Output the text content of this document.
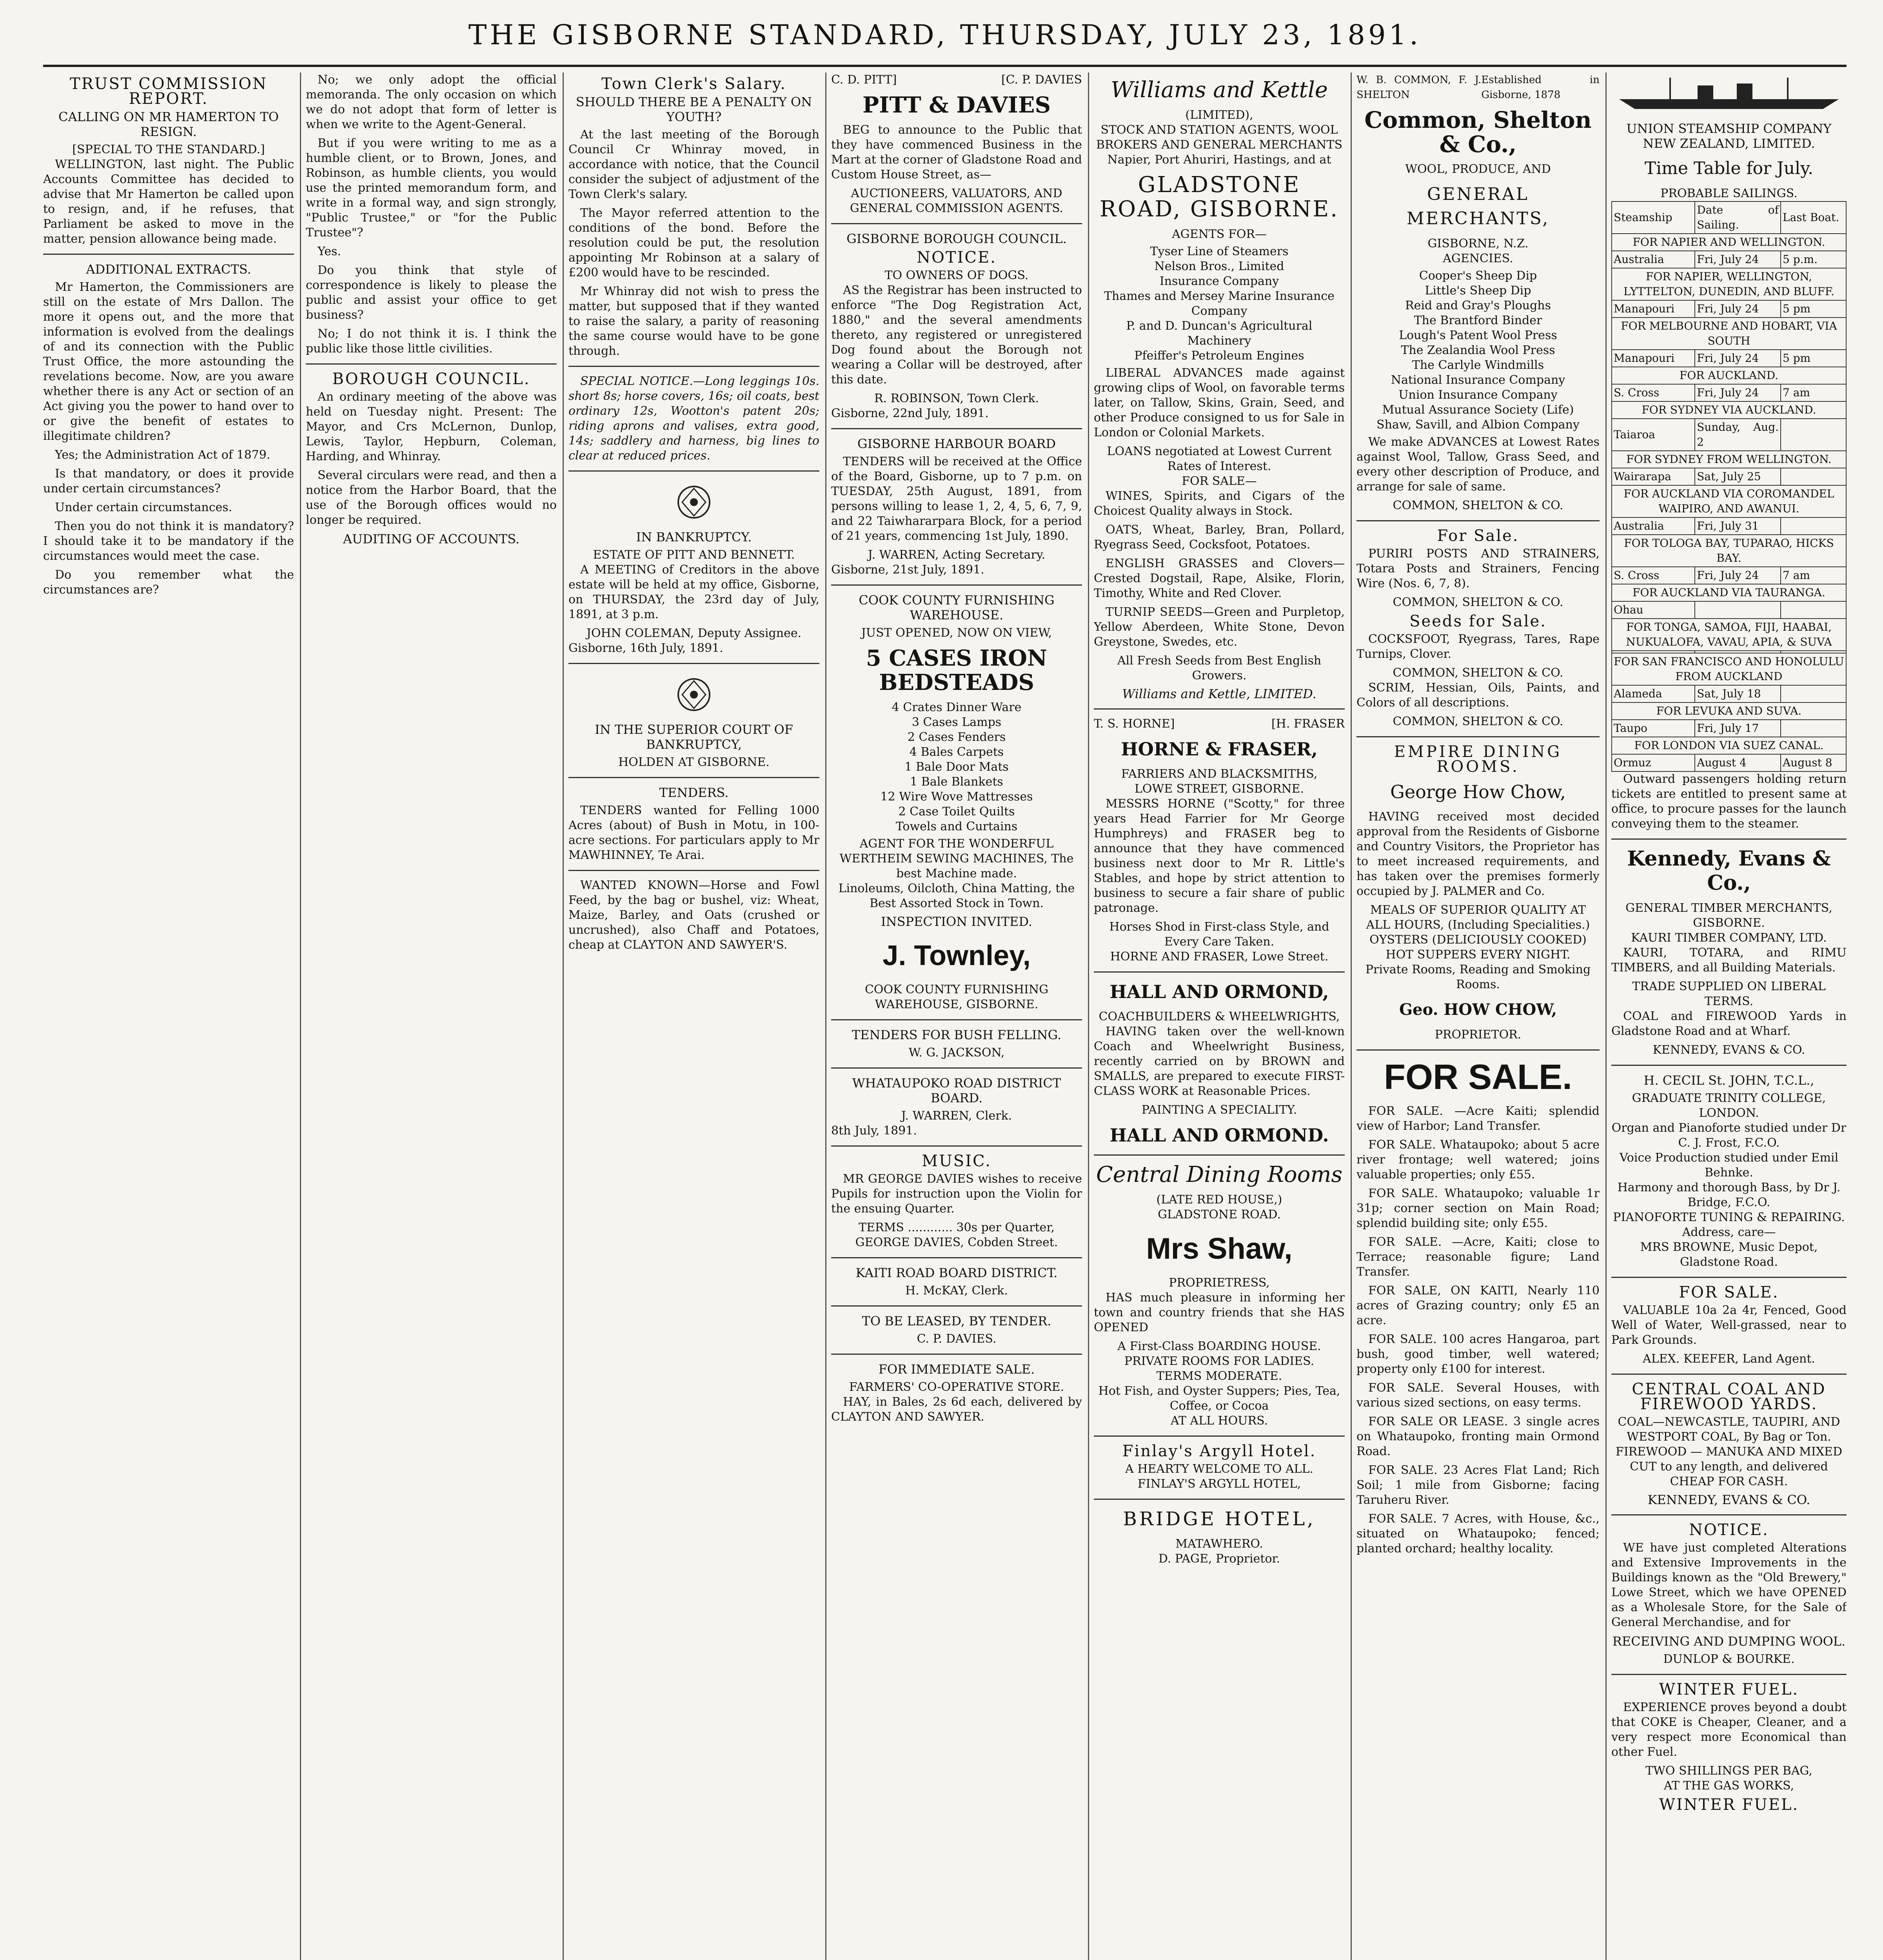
THE GISBORNE STANDARD, THURSDAY, JULY 23, 1891.
TRUST COMMISSION REPORT.
CALLING ON MR HAMERTON TO RESIGN.
[SPECIAL TO THE STANDARD.]

WELLINGTON, last night. The Public Accounts Committee has decided to advise that Mr Hamerton be called upon to resign, and, if he refuses, that Parliament be asked to move in the matter, pension allowance being made.

ADDITIONAL EXTRACTS.

Mr Hamerton, the Commissioners are still on the estate of Mrs Dallon. The more it opens out, and the more that information is evolved from the dealings of and its connection with the Public Trust Office, the more astounding the revelations become. Now, are you aware whether there is any Act or section of an Act giving you the power to hand over to or give the benefit of estates to illegitimate children?

Yes; the Administration Act of 1879.

Is that mandatory, or does it provide under certain circumstances?

Under certain circumstances.

Then you do not think it is mandatory? I should take it to be mandatory if the circumstances would meet the case.

Do you remember what the circumstances are?

No; we only adopt the official memoranda. The only occasion on which we do not adopt that form of letter is when we write to the Agent-General.

But if you were writing to me as a humble client, or to Brown, Jones, and Robinson, as humble clients, you would use the printed memorandum form, and write in a formal way, and sign strongly, "Public Trustee," or "for the Public Trustee"?

Yes.

Do you think that style of correspondence is likely to please the public and assist your office to get business?

No; I do not think it is. I think the public like those little civilities.

BOROUGH COUNCIL.

An ordinary meeting of the above was held on Tuesday night. Present: The Mayor, and Crs McLernon, Dunlop, Lewis, Taylor, Hepburn, Coleman, Harding, and Whinray.

Several circulars were read, and then a notice from the Harbor Board, that the use of the Borough offices would no longer be required.

AUDITING OF ACCOUNTS.
Town Clerk's Salary.
SHOULD THERE BE A PENALTY ON YOUTH?

At the last meeting of the Borough Council Cr Whinray moved, in accordance with notice, that the Council consider the subject of adjustment of the Town Clerk's salary.

The Mayor referred attention to the conditions of the bond. Before the resolution could be put, the resolution appointing Mr Robinson at a salary of £200 would have to be rescinded.

Mr Whinray did not wish to press the matter, but supposed that if they wanted to raise the salary, a parity of reasoning the same course would have to be gone through.

SPECIAL NOTICE.—Long leggings 10s. short 8s; horse covers, 16s; oil coats, best ordinary 12s, Wootton's patent 20s; riding aprons and valises, extra good, 14s; saddlery and harness, big lines to clear at reduced prices.

IN BANKRUPTCY.
ESTATE OF PITT AND BENNETT.

A MEETING of Creditors in the above estate will be held at my office, Gisborne, on THURSDAY, the 23rd day of July, 1891, at 3 p.m.

JOHN COLEMAN, Deputy Assignee.
Gisborne, 16th July, 1891.
IN THE SUPERIOR COURT OF BANKRUPTCY,
HOLDEN AT GISBORNE.
TENDERS.

TENDERS wanted for Felling 1000 Acres (about) of Bush in Motu, in 100-acre sections. For particulars apply to Mr MAWHINNEY, Te Arai.

WANTED KNOWN—Horse and Fowl Feed, by the bag or bushel, viz: Wheat, Maize, Barley, and Oats (crushed or uncrushed), also Chaff and Potatoes, cheap at CLAYTON AND SAWYER'S.

C. D. PITT]	[C. P. DAVIES
PITT & DAVIES

BEG to announce to the Public that they have commenced Business in the Mart at the corner of Gladstone Road and Custom House Street, as—

AUCTIONEERS, VALUATORS, AND GENERAL COMMISSION AGENTS.
GISBORNE BOROUGH COUNCIL.
NOTICE.
TO OWNERS OF DOGS.

AS the Registrar has been instructed to enforce "The Dog Registration Act, 1880," and the several amendments thereto, any registered or unregistered Dog found about the Borough not wearing a Collar will be destroyed, after this date.

R. ROBINSON, Town Clerk.
Gisborne, 22nd July, 1891.
GISBORNE HARBOUR BOARD

TENDERS will be received at the Office of the Board, Gisborne, up to 7 p.m. on TUESDAY, 25th August, 1891, from persons willing to lease 1, 2, 4, 5, 6, 7, 9, and 22 Taiwhararpara Block, for a period of 21 years, commencing 1st July, 1890.

J. WARREN, Acting Secretary.
Gisborne, 21st July, 1891.
COOK COUNTY FURNISHING WAREHOUSE.
JUST OPENED, NOW ON VIEW,
5 CASES IRON BEDSTEADS
4 Crates Dinner Ware
3 Cases Lamps
2 Cases Fenders
4 Bales Carpets
1 Bale Door Mats
1 Bale Blankets
12 Wire Wove Mattresses
2 Case Toilet Quilts
Towels and Curtains
AGENT FOR THE WONDERFUL WERTHEIM SEWING MACHINES, The best Machine made.
Linoleums, Oilcloth, China Matting, the Best Assorted Stock in Town.
INSPECTION INVITED.
J. Townley,
COOK COUNTY FURNISHING WAREHOUSE, GISBORNE.
TENDERS FOR BUSH FELLING.
W. G. JACKSON,
WHATAUPOKO ROAD DISTRICT BOARD.
J. WARREN, Clerk.
8th July, 1891.
MUSIC.

MR GEORGE DAVIES wishes to receive Pupils for instruction upon the Violin for the ensuing Quarter.

TERMS ............ 30s per Quarter,
GEORGE DAVIES, Cobden Street.
KAITI ROAD BOARD DISTRICT.
H. McKAY, Clerk.
TO BE LEASED, BY TENDER.
C. P. DAVIES.
FOR IMMEDIATE SALE.
FARMERS' CO-OPERATIVE STORE.

HAY, in Bales, 2s 6d each, delivered by CLAYTON AND SAWYER.

Williams and Kettle
(LIMITED),
STOCK AND STATION AGENTS, WOOL BROKERS AND GENERAL MERCHANTS
Napier, Port Ahuriri, Hastings, and at
GLADSTONE ROAD, GISBORNE.
AGENTS FOR—
Tyser Line of Steamers
Nelson Bros., Limited
Insurance Company
Thames and Mersey Marine Insurance Company
P. and D. Duncan's Agricultural Machinery
Pfeiffer's Petroleum Engines

LIBERAL ADVANCES made against growing clips of Wool, on favorable terms later, on Tallow, Skins, Grain, Seed, and other Produce consigned to us for Sale in London or Colonial Markets.

LOANS negotiated at Lowest Current Rates of Interest.
FOR SALE—

WINES, Spirits, and Cigars of the Choicest Quality always in Stock.

OATS, Wheat, Barley, Bran, Pollard, Ryegrass Seed, Cocksfoot, Potatoes.

ENGLISH GRASSES and Clovers—Crested Dogstail, Rape, Alsike, Florin, Timothy, White and Red Clover.

TURNIP SEEDS—Green and Purpletop, Yellow Aberdeen, White Stone, Devon Greystone, Swedes, etc.

All Fresh Seeds from Best English Growers.
Williams and Kettle, LIMITED.
T. S. HORNE]	[H. FRASER
HORNE & FRASER,
FARRIERS AND BLACKSMITHS,
LOWE STREET, GISBORNE.

MESSRS HORNE ("Scotty," for three years Head Farrier for Mr George Humphreys) and FRASER beg to announce that they have commenced business next door to Mr R. Little's Stables, and hope by strict attention to business to secure a fair share of public patronage.

Horses Shod in First-class Style, and Every Care Taken.
HORNE AND FRASER, Lowe Street.
HALL AND ORMOND,
COACHBUILDERS & WHEELWRIGHTS,

HAVING taken over the well-known Coach and Wheelwright Business, recently carried on by BROWN and SMALLS, are prepared to execute FIRST-CLASS WORK at Reasonable Prices.

PAINTING A SPECIALITY.
HALL AND ORMOND.
Central Dining Rooms
(LATE RED HOUSE,)
GLADSTONE ROAD.
Mrs Shaw,
PROPRIETRESS,

HAS much pleasure in informing her town and country friends that she HAS OPENED

A First-Class BOARDING HOUSE.
PRIVATE ROOMS FOR LADIES.
TERMS MODERATE.
Hot Fish, and Oyster Suppers; Pies, Tea, Coffee, or Cocoa
AT ALL HOURS.
Finlay's Argyll Hotel.
A HEARTY WELCOME TO ALL.
FINLAY'S ARGYLL HOTEL,
BRIDGE HOTEL,
MATAWHERO.
D. PAGE, Proprietor.
W. B. COMMON, F. J. SHELTON
Established in Gisborne, 1878
Common, Shelton & Co.,
WOOL, PRODUCE, AND
GENERAL MERCHANTS,
GISBORNE, N.Z.
AGENCIES.
Cooper's Sheep Dip
Little's Sheep Dip
Reid and Gray's Ploughs
The Brantford Binder
Lough's Patent Wool Press
The Zealandia Wool Press
The Carlyle Windmills
National Insurance Company
Union Insurance Company
Mutual Assurance Society (Life)
Shaw, Savill, and Albion Company

We make ADVANCES at Lowest Rates against Wool, Tallow, Grass Seed, and every other description of Produce, and arrange for sale of same.

COMMON, SHELTON & CO.
For Sale.

PURIRI POSTS AND STRAINERS, Totara Posts and Strainers, Fencing Wire (Nos. 6, 7, 8).

COMMON, SHELTON & CO.
Seeds for Sale.

COCKSFOOT, Ryegrass, Tares, Rape Turnips, Clover.

COMMON, SHELTON & CO.

SCRIM, Hessian, Oils, Paints, and Colors of all descriptions.

COMMON, SHELTON & CO.
EMPIRE DINING ROOMS.
George How Chow,

HAVING received most decided approval from the Residents of Gisborne and Country Visitors, the Proprietor has to meet increased requirements, and has taken over the premises formerly occupied by J. PALMER and Co.

MEALS OF SUPERIOR QUALITY AT ALL HOURS, (Including Specialities.)
OYSTERS (DELICIOUSLY COOKED)
HOT SUPPERS EVERY NIGHT.
Private Rooms, Reading and Smoking Rooms.
Geo. HOW CHOW,
PROPRIETOR.
FOR SALE.

FOR SALE. —Acre Kaiti; splendid view of Harbor; Land Transfer.

FOR SALE. Whataupoko; about 5 acre river frontage; well watered; joins valuable properties; only £55.

FOR SALE. Whataupoko; valuable 1r 31p; corner section on Main Road; splendid building site; only £55.

FOR SALE. —Acre, Kaiti; close to Terrace; reasonable figure; Land Transfer.

FOR SALE, ON KAITI, Nearly 110 acres of Grazing country; only £5 an acre.

FOR SALE. 100 acres Hangaroa, part bush, good timber, well watered; property only £100 for interest.

FOR SALE. Several Houses, with various sized sections, on easy terms.

FOR SALE OR LEASE. 3 single acres on Whataupoko, fronting main Ormond Road.

FOR SALE. 23 Acres Flat Land; Rich Soil; 1 mile from Gisborne; facing Taruheru River.

FOR SALE. 7 Acres, with House, &c., situated on Whataupoko; fenced; planted orchard; healthy locality.

UNION STEAMSHIP COMPANY NEW ZEALAND, LIMITED.
Time Table for July.
PROBABLE SAILINGS.
Steamship	Date of Sailing.	Last Boat.
FOR NAPIER AND WELLINGTON.		
Australia	Fri, July 24	5 p.m.
FOR NAPIER, WELLINGTON, LYTTELTON, DUNEDIN, AND BLUFF.		
Manapouri	Fri, July 24	5 pm
FOR MELBOURNE AND HOBART, VIA SOUTH		
Manapouri	Fri, July 24	5 pm
FOR AUCKLAND.		
S. Cross	Fri, July 24	7 am
FOR SYDNEY VIA AUCKLAND.		
Taiaroa	Sunday, Aug. 2	
FOR SYDNEY FROM WELLINGTON.		
Wairarapa	Sat, July 25	
FOR AUCKLAND VIA COROMANDEL WAIPIRO, AND AWANUI.		
Australia	Fri, July 31	
FOR TOLOGA BAY, TUPARAO, HICKS BAY.		
S. Cross	Fri, July 24	7 am
FOR AUCKLAND VIA TAURANGA.		
Ohau		
FOR TONGA, SAMOA, FIJI, HAABAI, NUKUALOFA, VAVAU, APIA, & SUVA		

FOR SAN FRANCISCO AND HONOLULU FROM AUCKLAND		
Alameda	Sat, July 18	
FOR LEVUKA AND SUVA.		
Taupo	Fri, July 17	
FOR LONDON VIA SUEZ CANAL.		
Ormuz	August 4	August 8

Outward passengers holding return tickets are entitled to present same at office, to procure passes for the launch conveying them to the steamer.

Kennedy, Evans & Co.,
GENERAL TIMBER MERCHANTS, GISBORNE.
KAURI TIMBER COMPANY, LTD.

KAURI, TOTARA, and RIMU TIMBERS, and all Building Materials.

TRADE SUPPLIED ON LIBERAL TERMS.

COAL and FIREWOOD Yards in Gladstone Road and at Wharf.

KENNEDY, EVANS & CO.
H. CECIL St. JOHN, T.C.L.,
GRADUATE TRINITY COLLEGE, LONDON.
Organ and Pianoforte studied under Dr C. J. Frost, F.C.O.
Voice Production studied under Emil Behnke.
Harmony and thorough Bass, by Dr J. Bridge, F.C.O.
PIANOFORTE TUNING & REPAIRING.
Address, care—
MRS BROWNE, Music Depot, Gladstone Road.
FOR SALE.

VALUABLE 10a 2a 4r, Fenced, Good Well of Water, Well-grassed, near to Park Grounds.

ALEX. KEEFER, Land Agent.
CENTRAL COAL AND FIREWOOD YARDS.
COAL—NEWCASTLE, TAUPIRI, AND WESTPORT COAL, By Bag or Ton.
FIREWOOD — MANUKA AND MIXED CUT to any length, and delivered CHEAP FOR CASH.
KENNEDY, EVANS & CO.
NOTICE.

WE have just completed Alterations and Extensive Improvements in the Buildings known as the "Old Brewery," Lowe Street, which we have OPENED as a Wholesale Store, for the Sale of General Merchandise, and for

RECEIVING AND DUMPING WOOL.
DUNLOP & BOURKE.
WINTER FUEL.

EXPERIENCE proves beyond a doubt that COKE is Cheaper, Cleaner, and a very respect more Economical than other Fuel.

TWO SHILLINGS PER BAG,
AT THE GAS WORKS,
WINTER FUEL.
